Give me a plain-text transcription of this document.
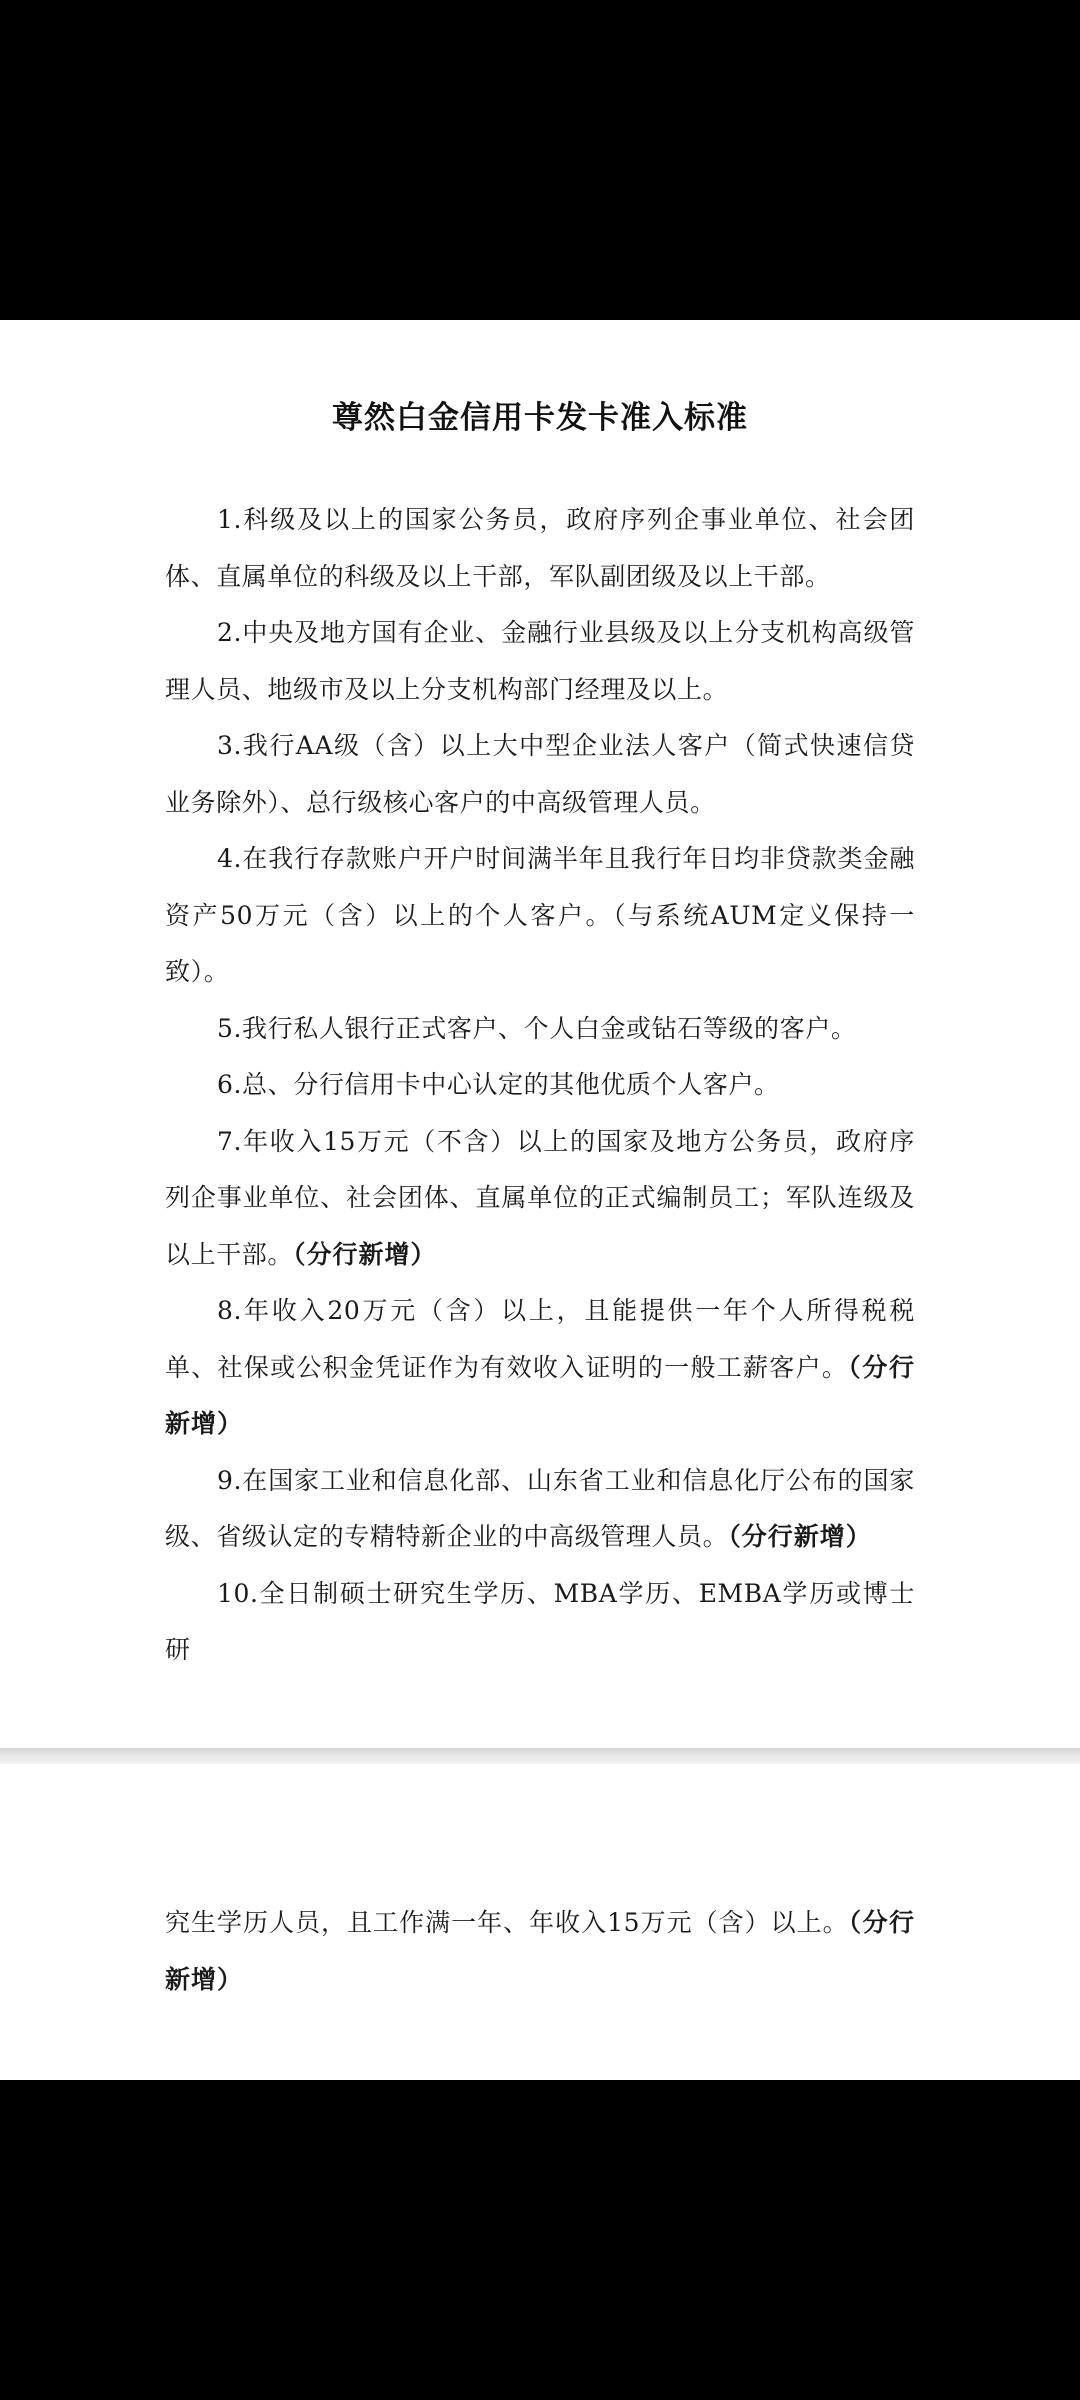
尊然白金信用卡发卡准入标准

1.科级及以上的国家公务员，政府序列企事业单位、社会团体、直属单位的科级及以上干部，军队副团级及以上干部。

2.中央及地方国有企业、金融行业县级及以上分支机构高级管理人员、地级市及以上分支机构部门经理及以上。

3.我行AA级（含）以上大中型企业法人客户（简式快速信贷业务除外）、总行级核心客户的中高级管理人员。

4.在我行存款账户开户时间满半年且我行年日均非贷款类金融资产50万元（含）以上的个人客户。（与系统AUM定义保持一致）。

5.我行私人银行正式客户、个人白金或钻石等级的客户。

6.总、分行信用卡中心认定的其他优质个人客户。

7.年收入15万元（不含）以上的国家及地方公务员，政府序列企事业单位、社会团体、直属单位的正式编制员工；军队连级及以上干部。（分行新增）

8.年收入20万元（含）以上，且能提供一年个人所得税税单、社保或公积金凭证作为有效收入证明的一般工薪客户。（分行新增）

9.在国家工业和信息化部、山东省工业和信息化厅公布的国家级、省级认定的专精特新企业的中高级管理人员。（分行新增）

10.全日制硕士研究生学历、MBA学历、EMBA学历或博士研

究生学历人员，且工作满一年、年收入15万元（含）以上。（分行新增）
